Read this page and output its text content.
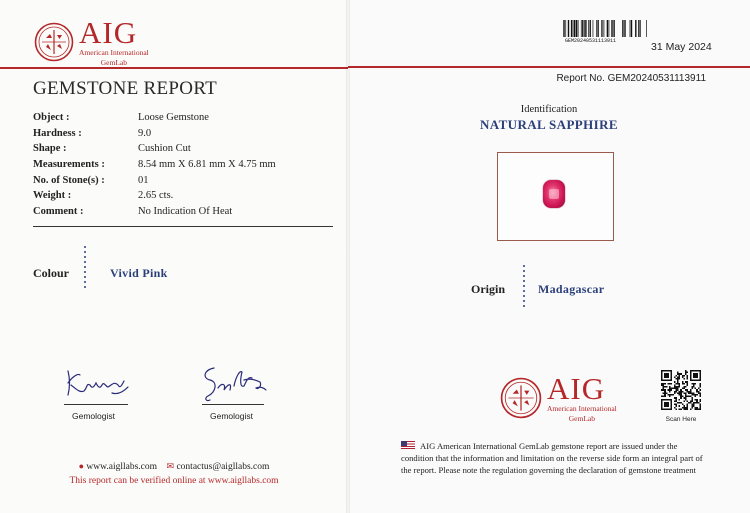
AIG
American International
GemLab
GEMSTONE REPORT
Object :	Loose Gemstone
Hardness :	9.0
Shape :	Cushion Cut
Measurements :	8.54 mm X 6.81 mm X 4.75 mm
No. of Stone(s) :	01
Weight :	2.65 cts.
Comment :	No Indication Of Heat
Colour	Vivid Pink
Gemologist	Gemologist
● www.aigllabs.com ✉ contactus@aigllabs.com
This report can be verified online at www.aigllabs.com
GEM20240531113911	31 May 2024
Report No. GEM20240531113911
Identification
NATURAL SAPPHIRE
Origin	Madagascar
AIG
American International
GemLab	Scan Here
AIG American International GemLab gemstone report are issued under the condition that the information and limitation on the reverse side form an integral part of the report. Please note the regulation governing the declaration of gemstone treatment
